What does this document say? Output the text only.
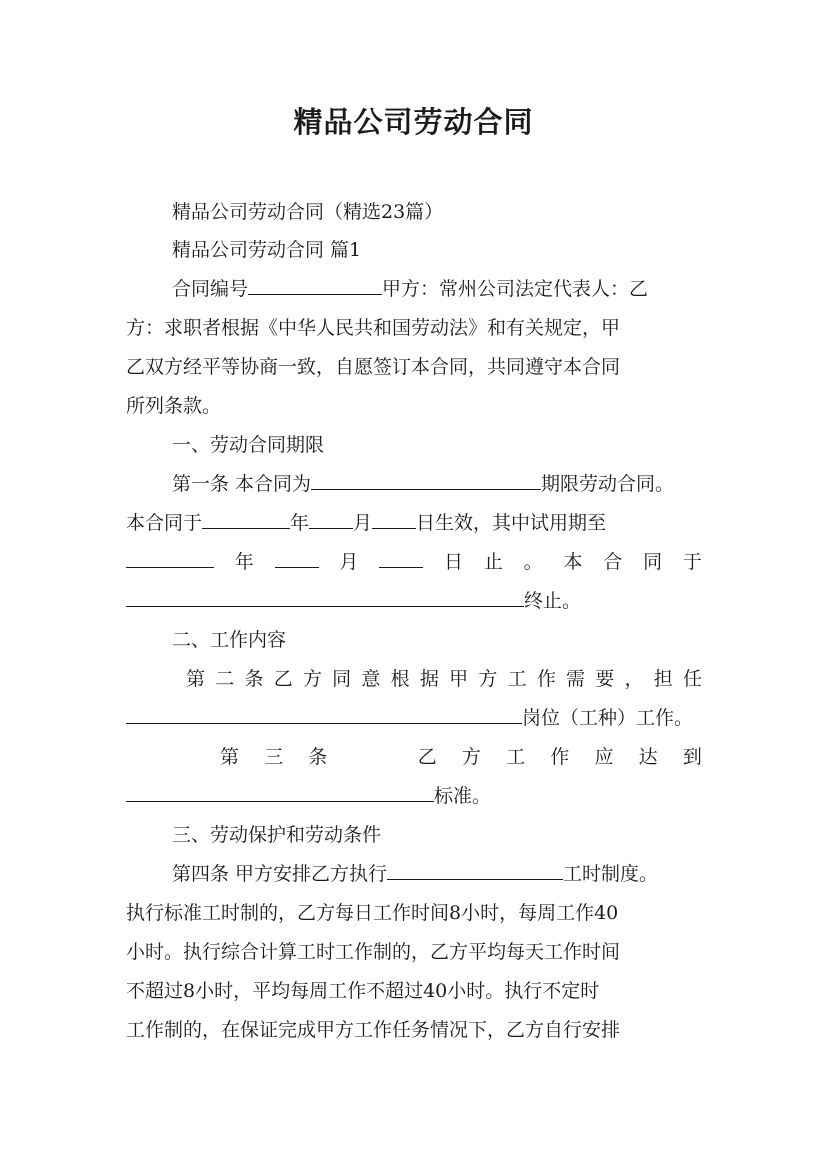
精品公司劳动合同
精品公司劳动合同（精选23篇）
精品公司劳动合同 篇1
合同编号	甲方：常州公司法定代表人：乙
方：求职者根据《中华人民共和国劳动法》和有关规定，甲
乙双方经平等协商一致，自愿签订本合同，共同遵守本合同
所列条款。
一、劳动合同期限
第一条 本合同为	期限劳动合同。
本合同于	年 月 日生效，其中试用期至
年	月	日 止 。 本 合 同 于
终止。
二、工作内容
第 二 条 乙 方 同 意 根 据 甲 方 工 作 需 要 ， 担 任
岗位（工种）工作。
第 三 条	乙 方 工 作 应 达 到
标准。
三、劳动保护和劳动条件
第四条 甲方安排乙方执行	工时制度。
执行标准工时制的，乙方每日工作时间8小时，每周工作40
小时。执行综合计算工时工作制的，乙方平均每天工作时间
不超过8小时，平均每周工作不超过40小时。执行不定时
工作制的，在保证完成甲方工作任务情况下，乙方自行安排
